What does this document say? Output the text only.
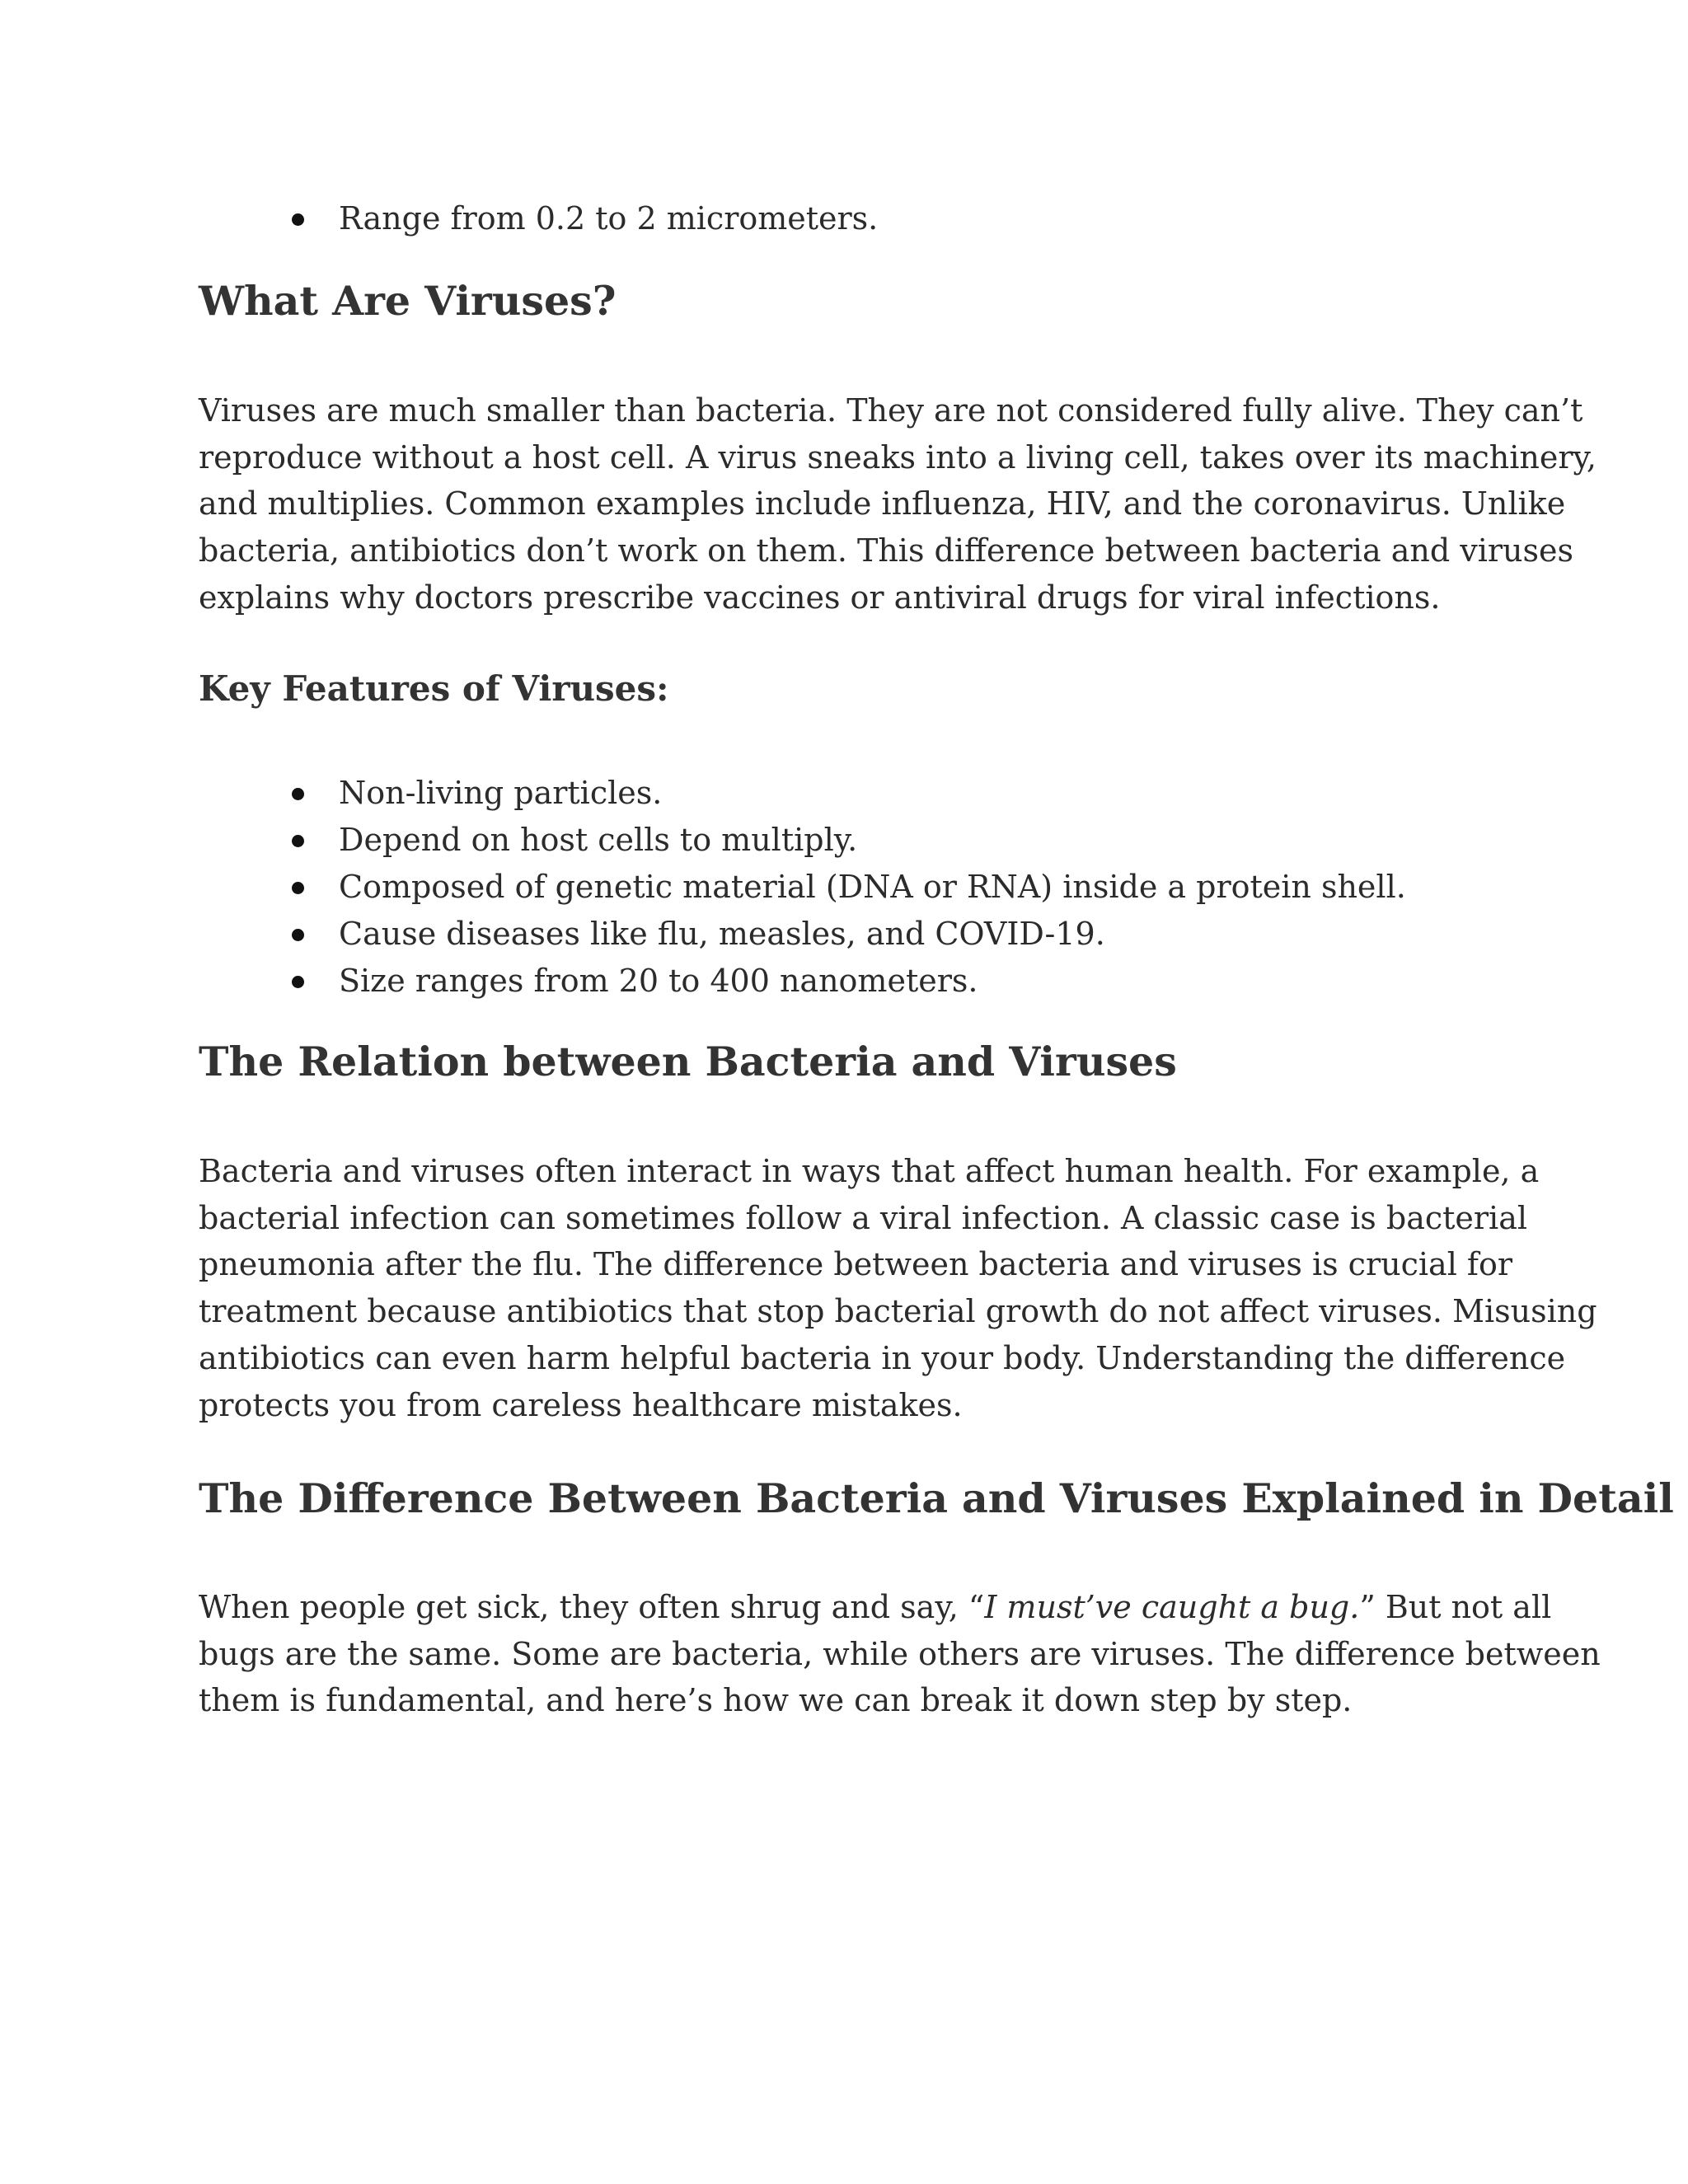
Range from 0.2 to 2 micrometers.
What Are Viruses?

Viruses are much smaller than bacteria. They are not considered fully alive. They can’t
reproduce without a host cell. A virus sneaks into a living cell, takes over its machinery,
and multiplies. Common examples include influenza, HIV, and the coronavirus. Unlike
bacteria, antibiotics don’t work on them. This difference between bacteria and viruses
explains why doctors prescribe vaccines or antiviral drugs for viral infections.

Key Features of Viruses:
Non-living particles.
Depend on host cells to multiply.
Composed of genetic material (DNA or RNA) inside a protein shell.
Cause diseases like flu, measles, and COVID-19.
Size ranges from 20 to 400 nanometers.
The Relation between Bacteria and Viruses

Bacteria and viruses often interact in ways that affect human health. For example, a
bacterial infection can sometimes follow a viral infection. A classic case is bacterial
pneumonia after the flu. The difference between bacteria and viruses is crucial for
treatment because antibiotics that stop bacterial growth do not affect viruses. Misusing
antibiotics can even harm helpful bacteria in your body. Understanding the difference
protects you from careless healthcare mistakes.

The Difference Between Bacteria and Viruses Explained in Detail

When people get sick, they often shrug and say, “I must’ve caught a bug.” But not all
bugs are the same. Some are bacteria, while others are viruses. The difference between
them is fundamental, and here’s how we can break it down step by step.
